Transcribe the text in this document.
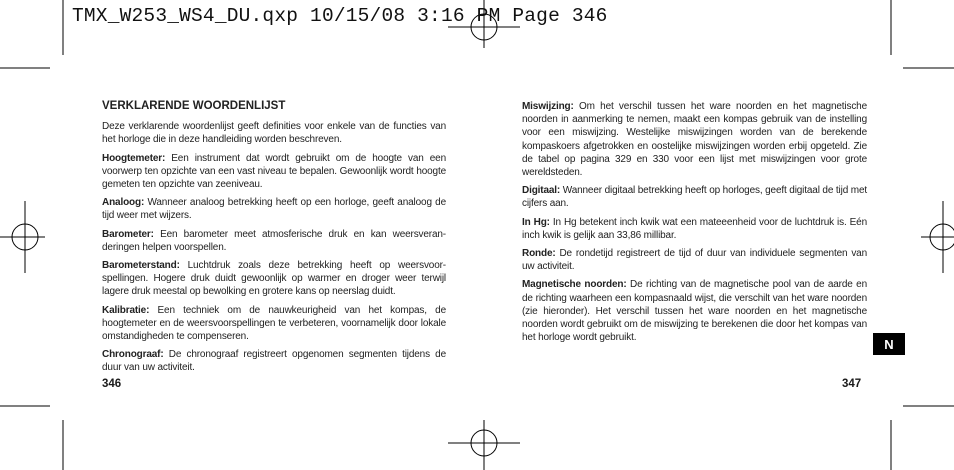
TMX_W253_WS4_DU.qxp 10/15/08 3:16 PM Page 346
VERKLARENDE WOORDENLIJST
Deze verklarende woordenlijst geeft definities voor enkele van de functies van het horloge die in deze handleiding worden beschreven.
Hoogtemeter: Een instrument dat wordt gebruikt om de hoogte van een voorwerp ten opzichte van een vast niveau te bepalen. Gewoonlijk wordt hoogte gemeten ten opzichte van zeeniveau.
Analoog: Wanneer analoog betrekking heeft op een horloge, geeft analoog de tijd weer met wijzers.
Barometer: Een barometer meet atmosferische druk en kan weersveran-deringen helpen voorspellen.
Barometerstand: Luchtdruk zoals deze betrekking heeft op weersvoor-spellingen. Hogere druk duidt gewoonlijk op warmer en droger weer terwijl lagere druk meestal op bewolking en grotere kans op neerslag duidt.
Kalibratie: Een techniek om de nauwkeurigheid van het kompas, de hoogtemeter en de weersvoorspellingen te verbeteren, voornamelijk door lokale omstandigheden te compenseren.
Chronograaf: De chronograaf registreert opgenomen segmenten tijdens de duur van uw activiteit.
Miswijzing: Om het verschil tussen het ware noorden en het magnetische noorden in aanmerking te nemen, maakt een kompas gebruik van de instelling voor een miswijzing. Westelijke miswijzingen worden van de berekende kompaskoers afgetrokken en oostelijke miswijzingen worden erbij opgeteld. Zie de tabel op pagina 329 en 330 voor een lijst met miswijzingen voor grote wereldsteden.
Digitaal: Wanneer digitaal betrekking heeft op horloges, geeft digitaal de tijd met cijfers aan.
In Hg: In Hg betekent inch kwik wat een mateeenheid voor de luchtdruk is. Eén inch kwik is gelijk aan 33,86 millibar.
Ronde: De rondetijd registreert de tijd of duur van individuele segmenten van uw activiteit.
Magnetische noorden: De richting van de magnetische pool van de aarde en de richting waarheen een kompasnaald wijst, die verschilt van het ware noorden (zie hieronder). Het verschil tussen het ware noorden en het magnetische noorden wordt gebruikt om de miswijzing te berekenen die door het kompas van het horloge wordt gebruikt.
346	347
N
